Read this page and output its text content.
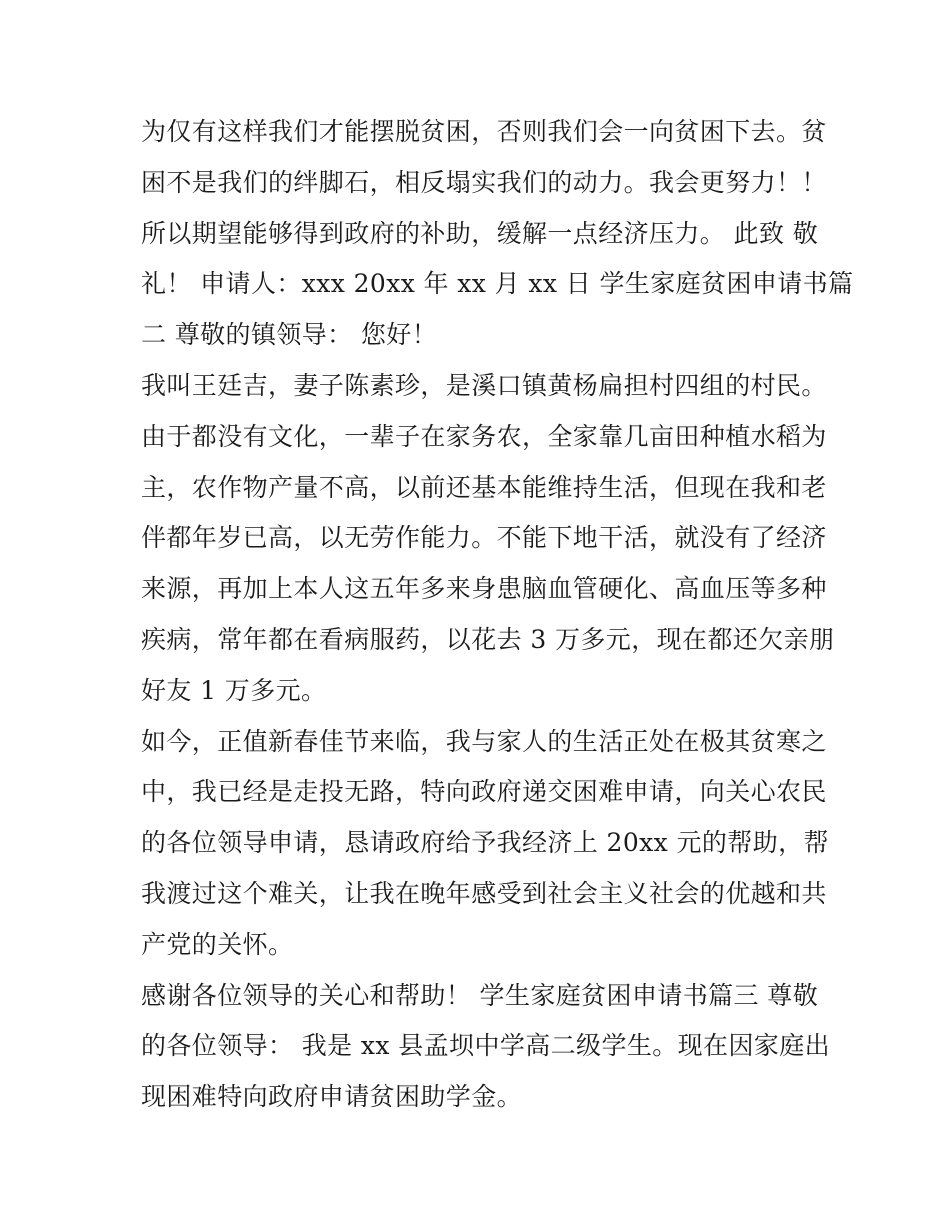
为仅有这样我们才能摆脱贫困，否则我们会一向贫困下去。贫
困不是我们的绊脚石，相反塌实我们的动力。我会更努力！！
所以期望能够得到政府的补助，缓解一点经济压力。 此致 敬
礼！ 申请人：xxx 20xx 年 xx 月 xx 日 学生家庭贫困申请书篇
二 尊敬的镇领导： 您好！
我叫王廷吉，妻子陈素珍，是溪口镇黄杨扁担村四组的村民。
由于都没有文化，一辈子在家务农，全家靠几亩田种植水稻为
主，农作物产量不高，以前还基本能维持生活，但现在我和老
伴都年岁已高，以无劳作能力。不能下地干活，就没有了经济
来源，再加上本人这五年多来身患脑血管硬化、高血压等多种
疾病，常年都在看病服药，以花去 3 万多元，现在都还欠亲朋
好友 1 万多元。
如今，正值新春佳节来临，我与家人的生活正处在极其贫寒之
中，我已经是走投无路，特向政府递交困难申请，向关心农民
的各位领导申请，恳请政府给予我经济上 20xx 元的帮助，帮
我渡过这个难关，让我在晚年感受到社会主义社会的优越和共
产党的关怀。
感谢各位领导的关心和帮助！ 学生家庭贫困申请书篇三 尊敬
的各位领导： 我是 xx 县孟坝中学高二级学生。现在因家庭出
现困难特向政府申请贫困助学金。
